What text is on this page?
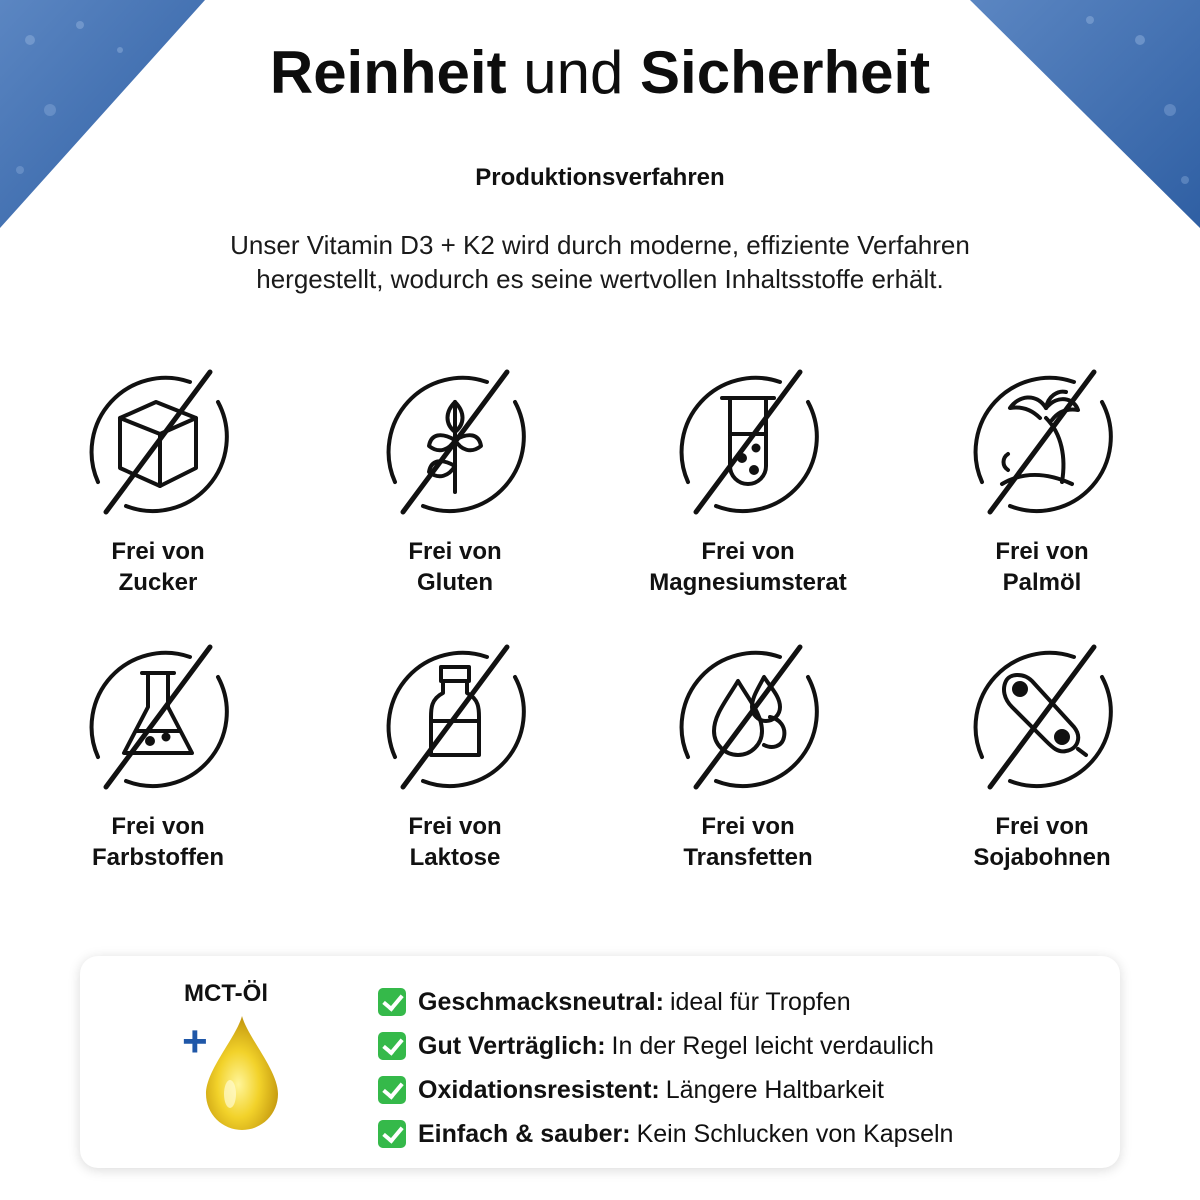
Reinheit und Sicherheit
Produktionsverfahren
Unser Vitamin D3 + K2 wird durch moderne, effiziente Verfahren
hergestellt, wodurch es seine wertvollen Inhaltsstoffe erhält.
Frei von
Zucker
Frei von
Gluten
Frei von
Magnesiumsterat
Frei von
Palmöl
Frei von
Farbstoffen
Frei von
Laktose
Frei von
Transfetten
Frei von
Sojabohnen
MCT-Öl
+
Geschmacksneutral: ideal für Tropfen
Gut Verträglich: In der Regel leicht verdaulich
Oxidationsresistent: Längere Haltbarkeit
Einfach & sauber: Kein Schlucken von Kapseln
